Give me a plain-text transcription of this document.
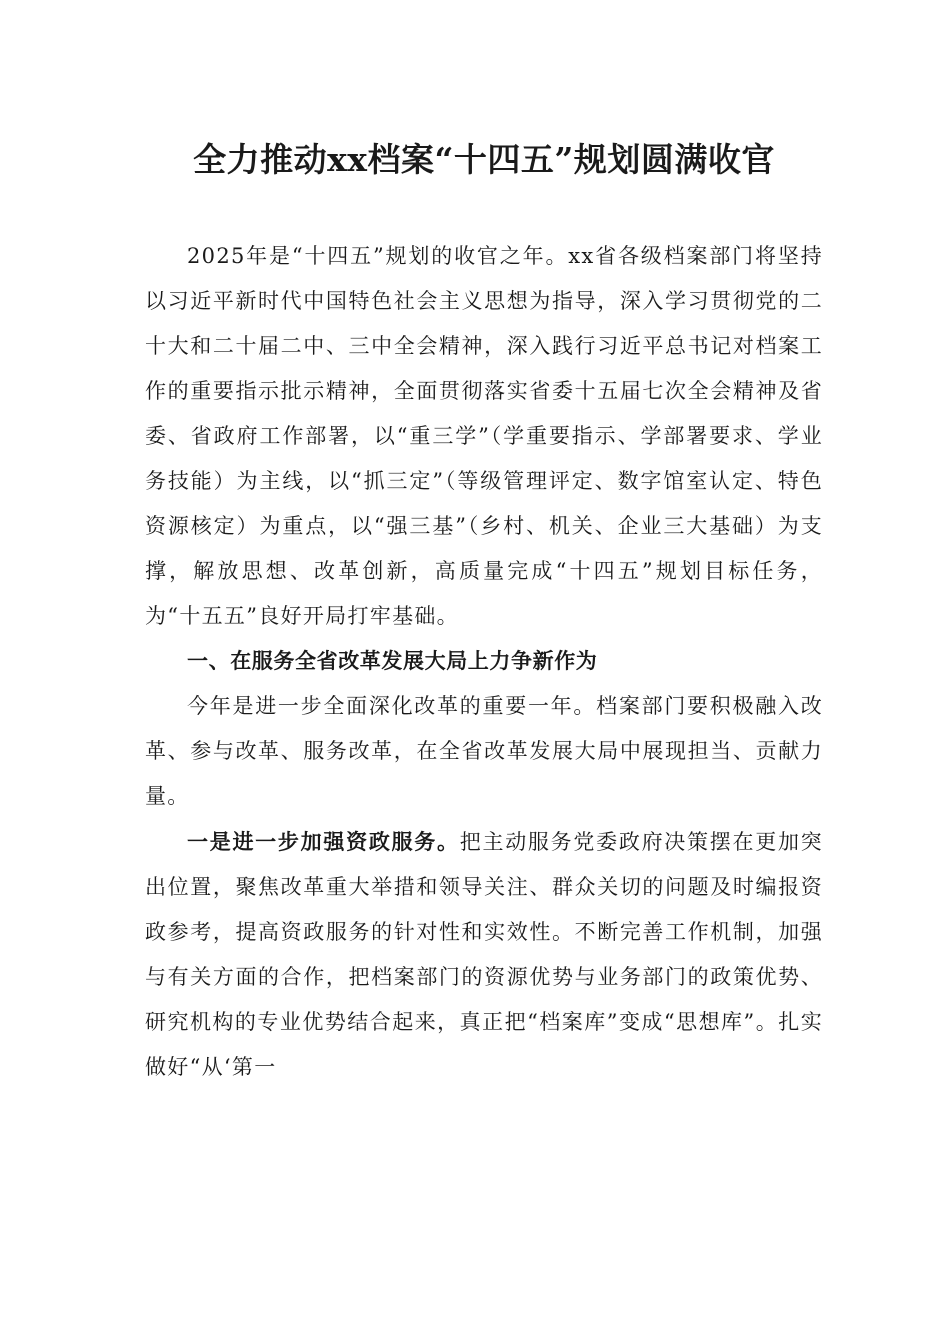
全力推动xx档案“十四五”规划圆满收官

2025年是“十四五”规划的收官之年。xx省各级档案部门将坚持以习近平新时代中国特色社会主义思想为指导，深入学习贯彻党的二十大和二十届二中、三中全会精神，深入践行习近平总书记对档案工作的重要指示批示精神，全面贯彻落实省委十五届七次全会精神及省委、省政府工作部署，以“重三学”（学重要指示、学部署要求、学业务技能）为主线，以“抓三定”（等级管理评定、数字馆室认定、特色资源核定）为重点，以“强三基”（乡村、机关、企业三大基础）为支撑，解放思想、改革创新，高质量完成“十四五”规划目标任务，为“十五五”良好开局打牢基础。

一、在服务全省改革发展大局上力争新作为

今年是进一步全面深化改革的重要一年。档案部门要积极融入改革、参与改革、服务改革，在全省改革发展大局中展现担当、贡献力量。

一是进一步加强资政服务。把主动服务党委政府决策摆在更加突出位置，聚焦改革重大举措和领导关注、群众关切的问题及时编报资政参考，提高资政服务的针对性和实效性。不断完善工作机制，加强与有关方面的合作，把档案部门的资源优势与业务部门的政策优势、研究机构的专业优势结合起来，真正把“档案库”变成“思想库”。扎实做好“从‘第一
